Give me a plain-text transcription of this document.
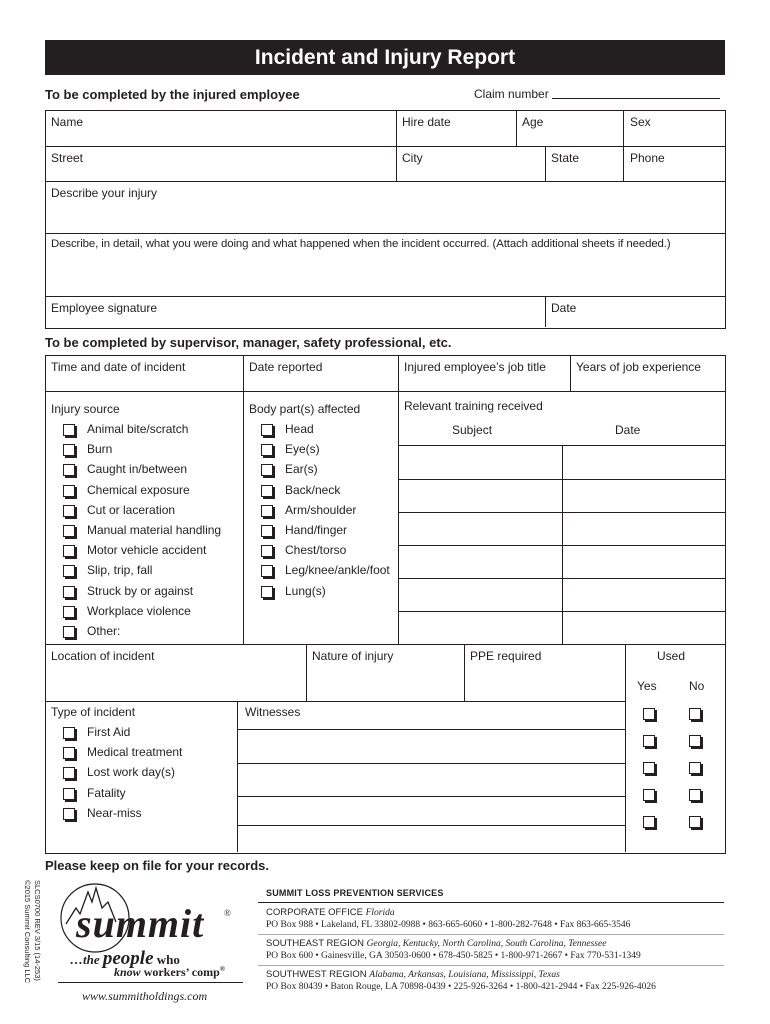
Incident and Injury Report
To be completed by the injured employee	Claim number
Name	Hire date	Age	Sex
Street	City	State	Phone
Describe your injury
Describe, in detail, what you were doing and what happened when the incident occurred. (Attach additional sheets if needed.)
Employee signature	Date
To be completed by supervisor, manager, safety professional, etc.
Time and date of incident	Date reported	Injured employee’s job title	Years of job experience
Injury source
Animal bite/scratch
Burn
Caught in/between
Chemical exposure
Cut or laceration
Manual material handling
Motor vehicle accident
Slip, trip, fall
Struck by or against
Workplace violence
Other:
Body part(s) affected
Head
Eye(s)
Ear(s)
Back/neck
Arm/shoulder
Hand/finger
Chest/torso
Leg/knee/ankle/foot
Lung(s)
Relevant training received
Subject	Date
Location of incident	Nature of injury	PPE required	Used
Yes	No
Type of incident
First Aid
Medical treatment
Lost work day(s)
Fatality
Near-miss
Witnesses
Please keep on file for your records.
SLCS0700 REV 3/15 (14-253)
©2015 Summit Consulting LLC
summit ®
…the people who
know workers’ comp®
www.summitholdings.com
SUMMIT LOSS PREVENTION SERVICES
CORPORATE OFFICE Florida
PO Box 988 • Lakeland, FL 33802-0988 • 863-665-6060 • 1-800-282-7648 • Fax 863-665-3546
SOUTHEAST REGION Georgia, Kentucky, North Carolina, South Carolina, Tennessee
PO Box 600 • Gainesville, GA 30503-0600 • 678-450-5825 • 1-800-971-2667 • Fax 770-531-1349
SOUTHWEST REGION Alabama, Arkansas, Louisiana, Mississippi, Texas
PO Box 80439 • Baton Rouge, LA 70898-0439 • 225-926-3264 • 1-800-421-2944 • Fax 225-926-4026
